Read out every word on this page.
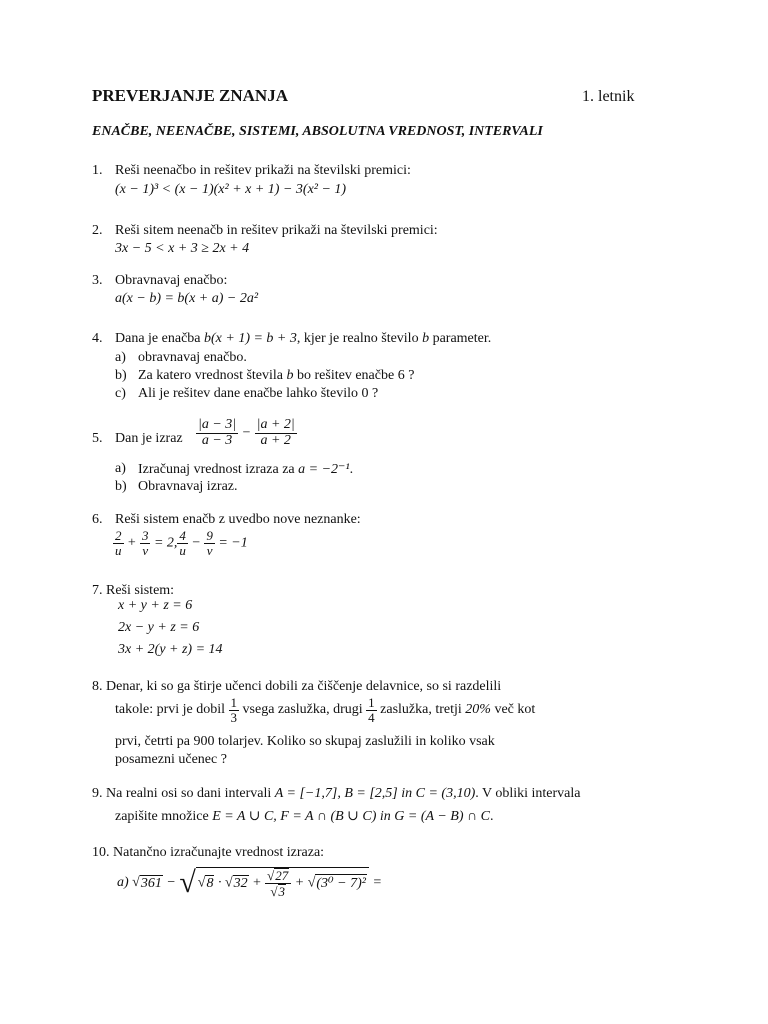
PREVERJANJE ZNANJA	1. letnik
ENAČBE, NEENAČBE, SISTEMI, ABSOLUTNA VREDNOST, INTERVALI
1. Reši neenačbo in rešitev prikaži na številski premici:
(x − 1)³ < (x − 1)(x² + x + 1) − 3(x² − 1)
2. Reši sitem neenačb in rešitev prikaži na številski premici:
3x − 5 < x + 3 ≥ 2x + 4
3. Obravnavaj enačbo:
a(x − b) = b(x + a) − 2a²
4. Dana je enačba b(x + 1) = b + 3, kjer je realno število b parameter.
a) obravnavaj enačbo.
b) Za katero vrednost števila b bo rešitev enačbe 6 ?
c) Ali je rešitev dane enačbe lahko število 0 ?
5. Dan je izraz $\frac{|a - 3|}{a - 3} - \frac{|a + 2|}{a + 2}$
a) Izračunaj vrednost izraza za a = −2⁻¹.
b) Obravnavaj izraz.
6. Reši sistem enačb z uvedbo nove neznanke:
$\frac{2}{u} + \frac{3}{v} = 2$, $\frac{4}{u} - \frac{9}{v} = -1$
7. Reši sistem:
x + y + z = 6
2x − y + z = 6
3x + 2(y + z) = 14
8. Denar, ki so ga štirje učenci dobili za čiščenje delavnice, so si razdelili
takole: prvi je dobil $\frac{1}{3}$ vsega zaslužka, drugi $\frac{1}{4}$ zaslužka, tretji 20% več kot
prvi, četrti pa 900 tolarjev. Koliko so skupaj zaslužili in koliko vsak
posamezni učenec ?
9. Na realni osi so dani intervali A = [−1,7], B = [2,5] in C = (3,10). V obliki intervala
zapišite množice E = A ∪ C, F = A ∩ (B ∪ C) in G = (A − B) ∩ C.
10. Natančno izračunajte vrednost izraza:
a) √361 − √ $√8 \cdot √32 + \frac{√27}{√3} + √(3^0 - 7)^2$ =
